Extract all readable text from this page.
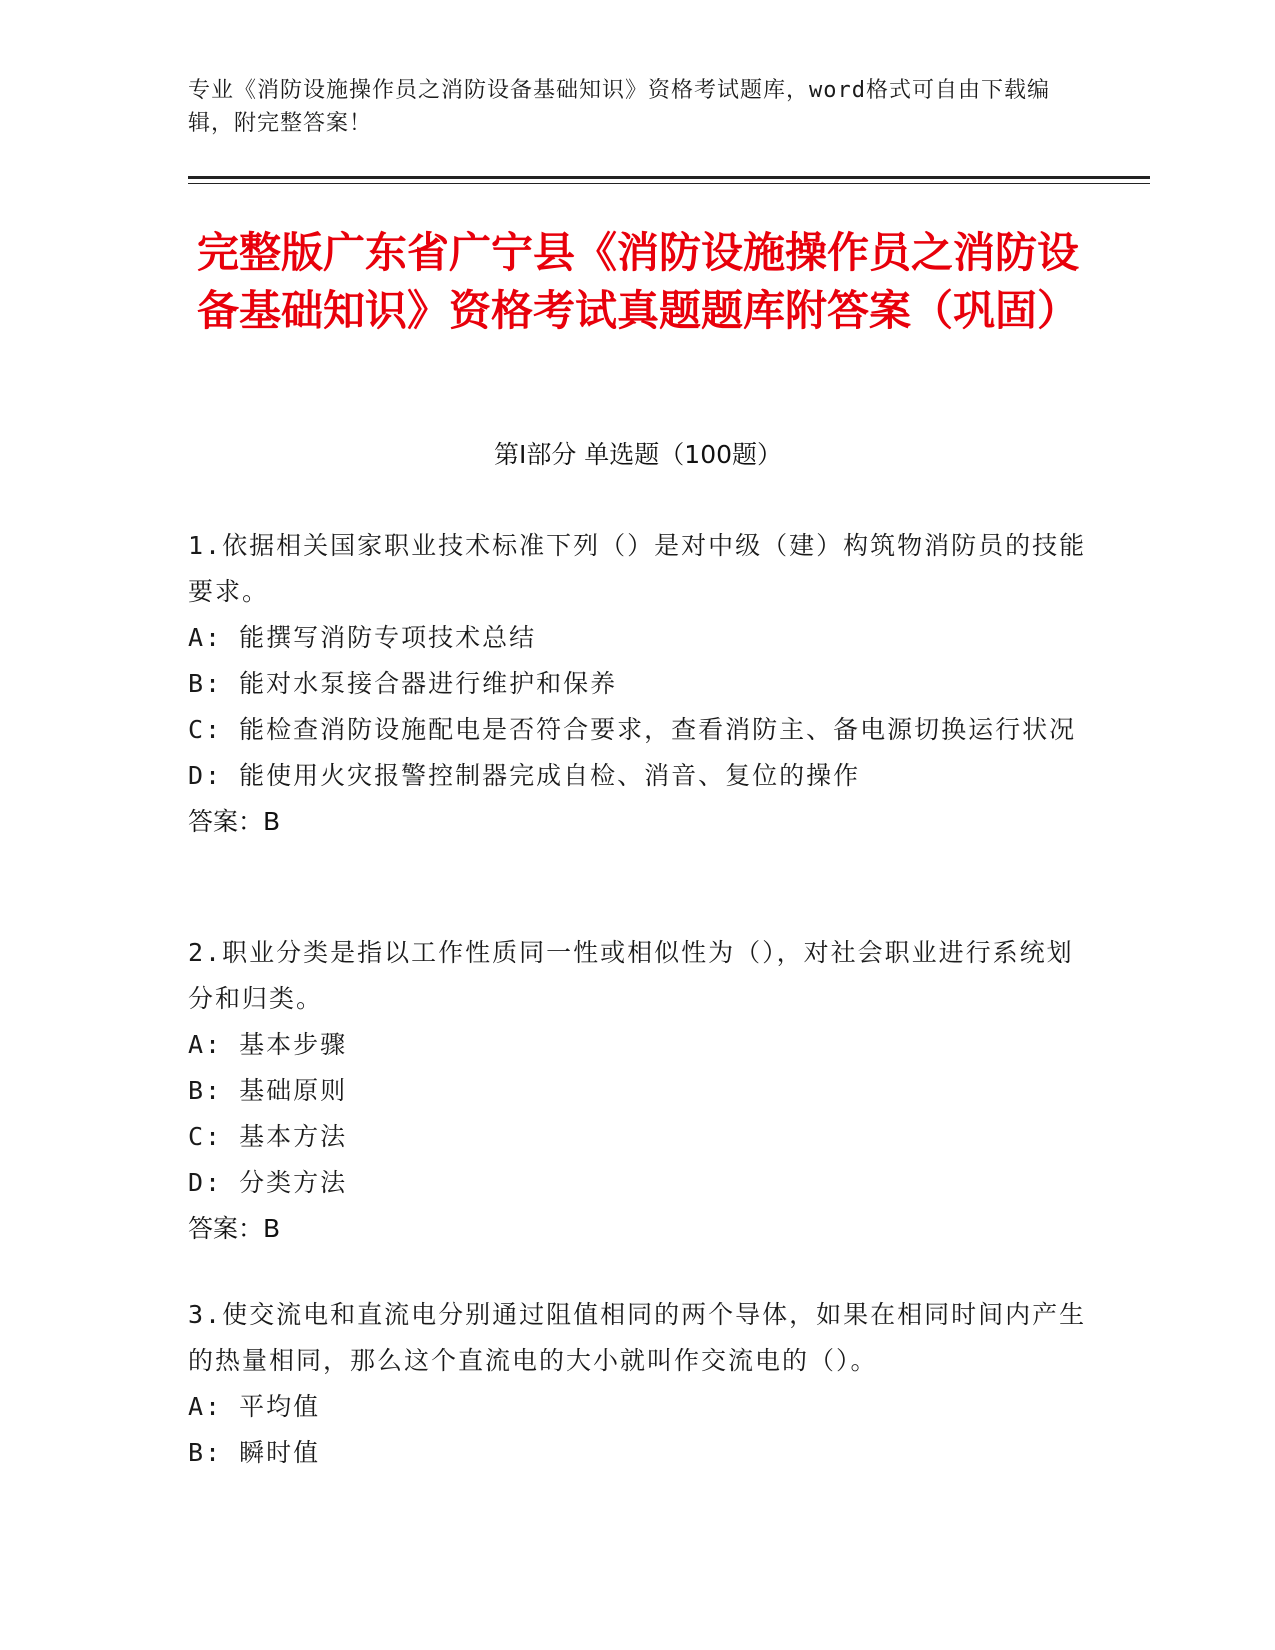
专业《消防设施操作员之消防设备基础知识》资格考试题库，word格式可自由下载编辑，附完整答案！
完整版广东省广宁县《消防设施操作员之消防设备基础知识》资格考试真题题库附答案（巩固）
第I部分 单选题（100题）
1.依据相关国家职业技术标准下列（）是对中级（建）构筑物消防员的技能要求。
A: 能撰写消防专项技术总结
B: 能对水泵接合器进行维护和保养
C: 能检查消防设施配电是否符合要求，查看消防主、备电源切换运行状况
D: 能使用火灾报警控制器完成自检、消音、复位的操作
答案：B
2.职业分类是指以工作性质同一性或相似性为（），对社会职业进行系统划分和归类。
A: 基本步骤
B: 基础原则
C: 基本方法
D: 分类方法
答案：B
3.使交流电和直流电分别通过阻值相同的两个导体，如果在相同时间内产生的热量相同，那么这个直流电的大小就叫作交流电的（）。
A: 平均值
B: 瞬时值
